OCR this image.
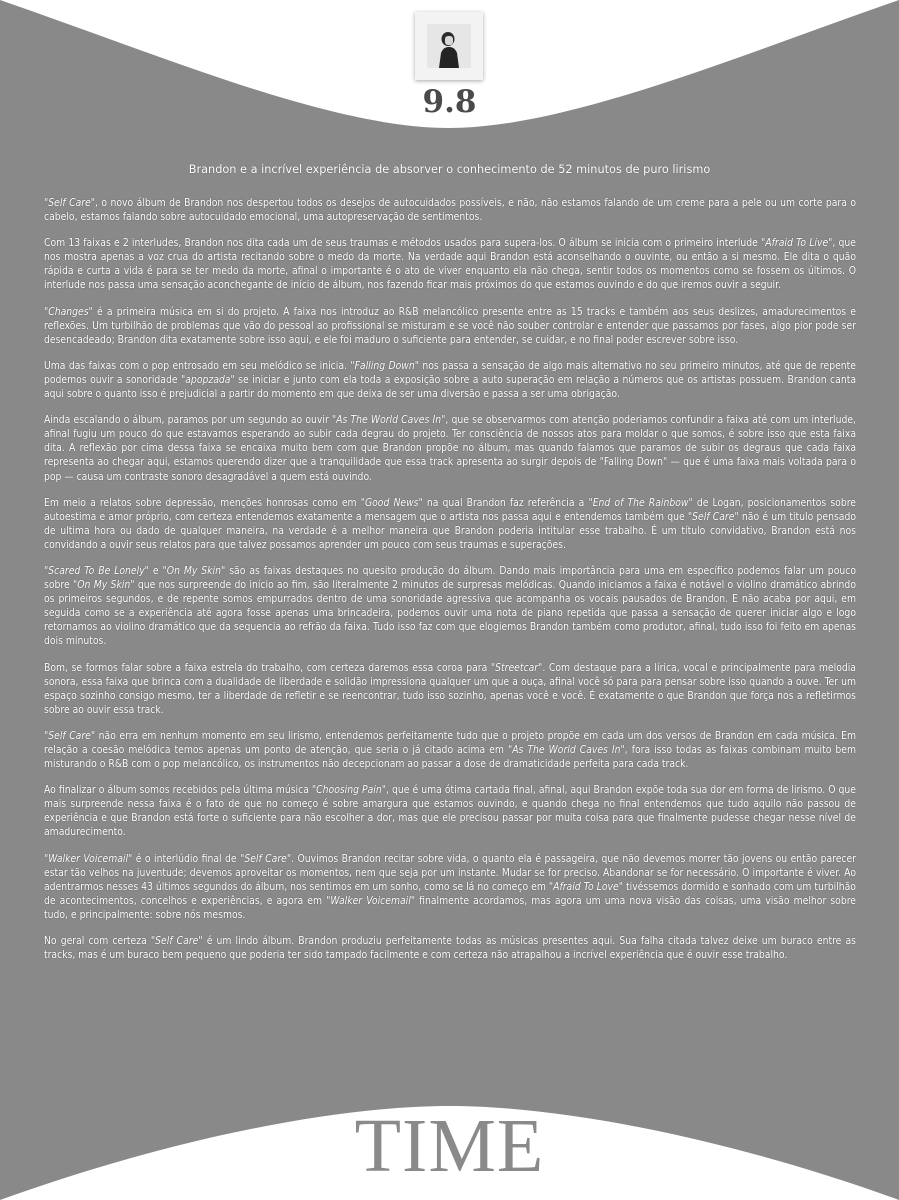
9.8
Brandon e a incrível experiência de absorver o conhecimento de 52 minutos de puro lirismo

"Self Care", o novo álbum de Brandon nos despertou todos os desejos de autocuidados possíveis, e não, não estamos falando de um creme para a pele ou um corte para o cabelo, estamos falando sobre autocuidado emocional, uma autopreservação de sentimentos.

Com 13 faixas e 2 interludes, Brandon nos dita cada um de seus traumas e métodos usados para supera-los. O álbum se inicia com o primeiro interlude "Afraid To Live", que nos mostra apenas a voz crua do artista recitando sobre o medo da morte. Na verdade aqui Brandon está aconselhando o ouvinte, ou então a si mesmo. Ele dita o quão rápida e curta a vida é para se ter medo da morte, afinal o importante é o ato de viver enquanto ela não chega, sentir todos os momentos como se fossem os últimos. O interlude nos passa uma sensação aconchegante de início de álbum, nos fazendo ficar mais próximos do que estamos ouvindo e do que iremos ouvir a seguir.

"Changes" é a primeira música em si do projeto. A faixa nos introduz ao R&B melancólico presente entre as 15 tracks e também aos seus deslizes, amadurecimentos e reflexões. Um turbilhão de problemas que vão do pessoal ao profissional se misturam e se você não souber controlar e entender que passamos por fases, algo pior pode ser desencadeado; Brandon dita exatamente sobre isso aqui, e ele foi maduro o suficiente para entender, se cuidar, e no final poder escrever sobre isso.

Uma das faixas com o pop entrosado em seu melódico se inicia. "Falling Down" nos passa a sensação de algo mais alternativo no seu primeiro minutos, até que de repente podemos ouvir a sonoridade "apopzada" se iniciar e junto com ela toda a exposição sobre a auto superação em relação a números que os artistas possuem. Brandon canta aqui sobre o quanto isso é prejudicial a partir do momento em que deixa de ser uma diversão e passa a ser uma obrigação.

Ainda escalando o álbum, paramos por um segundo ao ouvir "As The World Caves In", que se observarmos com atenção poderiamos confundir a faixa até com um interlude, afinal fugiu um pouco do que estavamos esperando ao subir cada degrau do projeto. Ter consciência de nossos atos para moldar o que somos, é sobre isso que esta faixa dita. A reflexão por cima dessa faixa se encaixa muito bem com que Brandon propõe no álbum, mas quando falamos que paramos de subir os degraus que cada faixa representa ao chegar aqui, estamos querendo dizer que a tranquilidade que essa track apresenta ao surgir depois de "Falling Down" — que é uma faixa mais voltada para o pop — causa um contraste sonoro desagradável a quem está ouvindo.

Em meio a relatos sobre depressão, menções honrosas como em "Good News" na qual Brandon faz referência a "End of The Rainbow" de Logan, posicionamentos sobre autoestima e amor próprio, com certeza entendemos exatamente a mensagem que o artista nos passa aqui e entendemos também que "Self Care" não é um titulo pensado de ultima hora ou dado de qualquer maneira, na verdade é a melhor maneira que Brandon poderia intitular esse trabalho. É um título convidativo, Brandon está nos convidando a ouvir seus relatos para que talvez possamos aprender um pouco com seus traumas e superações.

"Scared To Be Lonely" e "On My Skin" são as faixas destaques no quesito produção do álbum. Dando mais importância para uma em específico podemos falar um pouco sobre "On My Skin" que nos surpreende do início ao fim, são literalmente 2 minutos de surpresas melódicas. Quando iniciamos a faixa é notável o violino dramático abrindo os primeiros segundos, e de repente somos empurrados dentro de uma sonoridade agressiva que acompanha os vocais pausados de Brandon. E não acaba por aqui, em seguida como se a experiência até agora fosse apenas uma brincadeira, podemos ouvir uma nota de piano repetida que passa a sensação de querer iniciar algo e logo retornamos ao violino dramático que da sequencia ao refrão da faixa. Tudo isso faz com que elogiemos Brandon também como produtor, afinal, tudo isso foi feito em apenas dois minutos.

Bom, se formos falar sobre a faixa estrela do trabalho, com certeza daremos essa coroa para "Streetcar". Com destaque para a lírica, vocal e principalmente para melodia sonora, essa faixa que brinca com a dualidade de liberdade e solidão impressiona qualquer um que a ouça, afinal você só para para pensar sobre isso quando a ouve. Ter um espaço sozinho consigo mesmo, ter a liberdade de refletir e se reencontrar, tudo isso sozinho, apenas você e você. É exatamente o que Brandon que força nos a refletirmos sobre ao ouvir essa track.

"Self Care" não erra em nenhum momento em seu lirismo, entendemos perfeitamente tudo que o projeto propõe em cada um dos versos de Brandon em cada música. Em relação a coesão melódica temos apenas um ponto de atenção, que seria o já citado acima em "As The World Caves In", fora isso todas as faixas combinam muito bem misturando o R&B com o pop melancólico, os instrumentos não decepcionam ao passar a dose de dramaticidade perfeita para cada track.

Ao finalizar o álbum somos recebidos pela última música "Choosing Pain", que é uma ótima cartada final, afinal, aqui Brandon expõe toda sua dor em forma de lirismo. O que mais surpreende nessa faixa é o fato de que no começo é sobre amargura que estamos ouvindo, e quando chega no final entendemos que tudo aquilo não passou de experiência e que Brandon está forte o suficiente para não escolher a dor, mas que ele precisou passar por muita coisa para que finalmente pudesse chegar nesse nível de amadurecimento.

"Walker Voicemail" é o interlúdio final de "Self Care". Ouvimos Brandon recitar sobre vida, o quanto ela é passageira, que não devemos morrer tão jovens ou então parecer estar tão velhos na juventude; devemos aproveitar os momentos, nem que seja por um instante. Mudar se for preciso. Abandonar se for necessário. O importante é viver. Ao adentrarmos nesses 43 últimos segundos do álbum, nos sentimos em um sonho, como se lá no começo em "Afraid To Love" tivéssemos dormido e sonhado com um turbilhão de acontecimentos, concelhos e experiências, e agora em "Walker Voicemail" finalmente acordamos, mas agora um uma nova visão das coisas, uma visão melhor sobre tudo, e principalmente: sobre nós mesmos.

No geral com certeza "Self Care" é um lindo álbum. Brandon produziu perfeitamente todas as músicas presentes aqui. Sua falha citada talvez deixe um buraco entre as tracks, mas é um buraco bem pequeno que poderia ter sido tampado facilmente e com certeza não atrapalhou a incrível experiência que é ouvir esse trabalho.

TIME
